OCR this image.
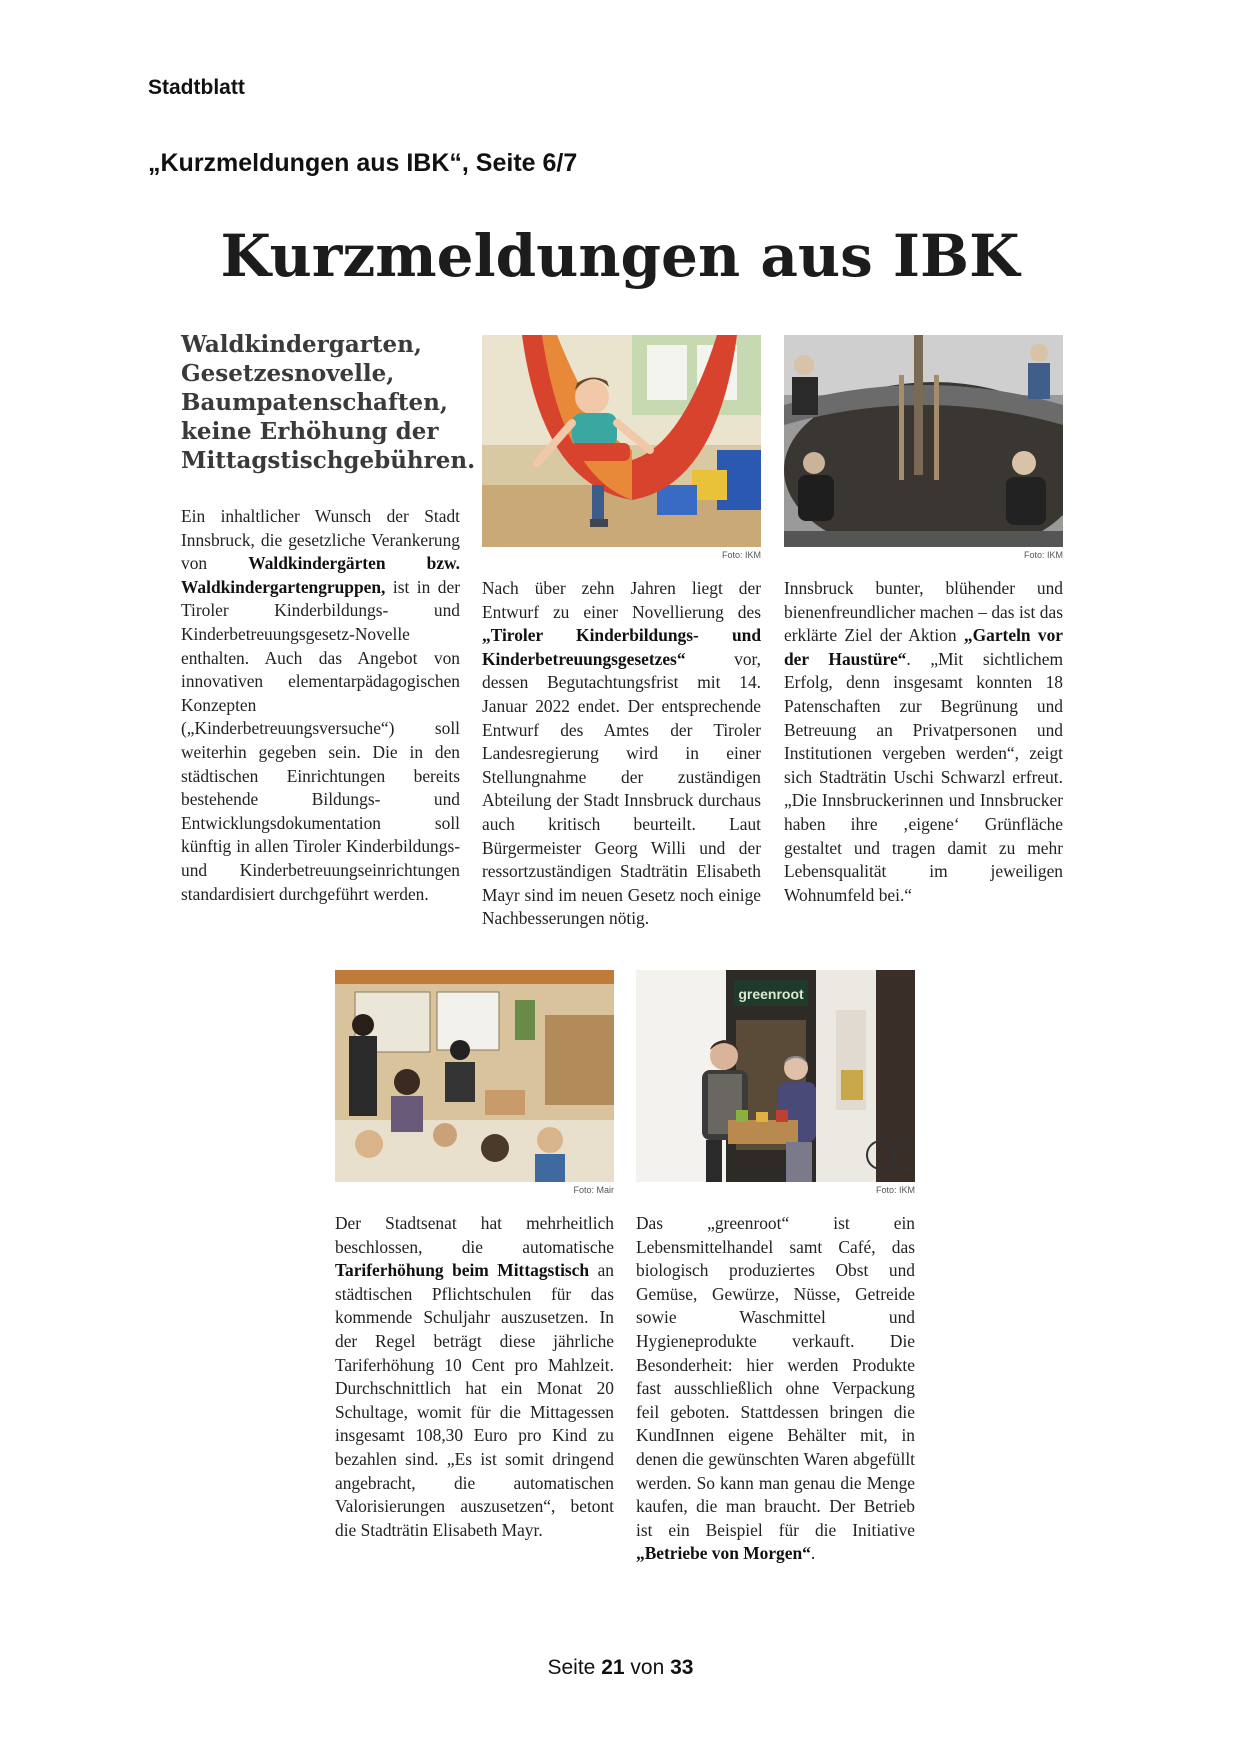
Stadtblatt
„Kurzmeldungen aus IBK“, Seite 6/7
Kurzmeldungen aus IBK
Waldkindergarten, Gesetzesnovelle, Baumpatenschaften, keine Erhöhung der Mittagstischgebühren.
Ein inhaltlicher Wunsch der Stadt Innsbruck, die gesetzliche Verankerung von Waldkindergärten bzw. Waldkindergartengruppen, ist in der Tiroler Kinderbildungs- und Kinderbetreuungsgesetz-Novelle enthalten. Auch das Angebot von innovativen elementarpädagogischen Konzepten („Kinderbetreuungsversuche“) soll weiterhin gegeben sein. Die in den städtischen Einrichtungen bereits bestehende Bildungs- und Entwicklungsdokumentation soll künftig in allen Tiroler Kinderbildungs- und Kinderbetreuungseinrichtungen standardisiert durchgeführt werden.
Foto: IKM
Nach über zehn Jahren liegt der Entwurf zu einer Novellierung des „Tiroler Kinderbildungs- und Kinderbetreuungsgesetzes“ vor, dessen Begutachtungsfrist mit 14. Januar 2022 endet. Der entsprechende Entwurf des Amtes der Tiroler Landesregierung wird in einer Stellungnahme der zuständigen Abteilung der Stadt Innsbruck durchaus auch kritisch beurteilt. Laut Bürgermeister Georg Willi und der ressortzuständigen Stadträtin Elisabeth Mayr sind im neuen Gesetz noch einige Nachbesserungen nötig.
Foto: IKM
Innsbruck bunter, blühender und bienenfreundlicher machen – das ist das erklärte Ziel der Aktion „Garteln vor der Haustüre“. „Mit sichtlichem Erfolg, denn insgesamt konnten 18 Patenschaften zur Begrünung und Betreuung an Privatpersonen und Institutionen vergeben werden“, zeigt sich Stadträtin Uschi Schwarzl erfreut. „Die Innsbruckerinnen und Innsbrucker haben ihre ‚eigene‘ Grünfläche gestaltet und tragen damit zu mehr Lebensqualität im jeweiligen Wohnumfeld bei.“
Foto: Mair
Der Stadtsenat hat mehrheitlich beschlossen, die automatische Tariferhöhung beim Mittagstisch an städtischen Pflichtschulen für das kommende Schuljahr auszusetzen. In der Regel beträgt diese jährliche Tariferhöhung 10 Cent pro Mahlzeit. Durchschnittlich hat ein Monat 20 Schultage, womit für die Mittagessen insgesamt 108,30 Euro pro Kind zu bezahlen sind. „Es ist somit dringend angebracht, die automatischen Valorisierungen auszusetzen“, betont die Stadträtin Elisabeth Mayr.
greenroot
Foto: IKM
Das „greenroot“ ist ein Lebensmittelhandel samt Café, das biologisch produziertes Obst und Gemüse, Gewürze, Nüsse, Getreide sowie Waschmittel und Hygieneprodukte verkauft. Die Besonderheit: hier werden Produkte fast ausschließlich ohne Verpackung feil geboten. Stattdessen bringen die KundInnen eigene Behälter mit, in denen die gewünschten Waren abgefüllt werden. So kann man genau die Menge kaufen, die man braucht. Der Betrieb ist ein Beispiel für die Initiative „Betriebe von Morgen“.
Seite 21 von 33
